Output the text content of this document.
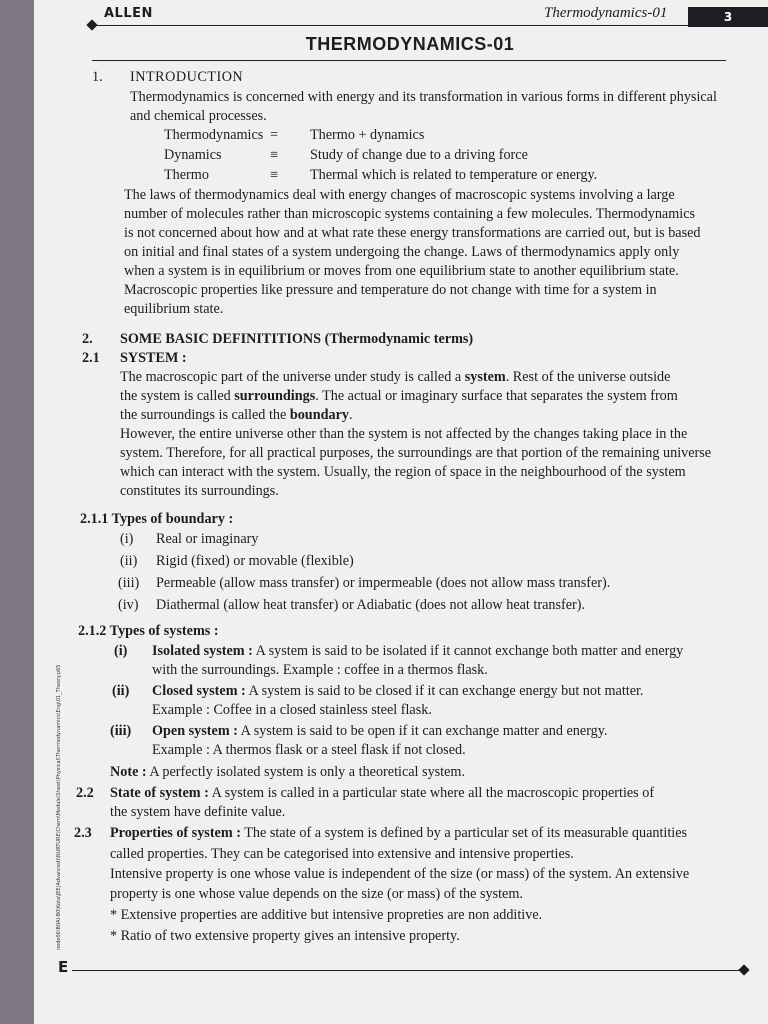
ALLEN	Thermodynamics-01	3
THERMODYNAMICS-01
1. INTRODUCTION
Thermodynamics is concerned with energy and its transformation in various forms in different physical
and chemical processes.
Thermodynamics = Thermo + dynamics
Dynamics	≡ Study of change due to a driving force
Thermo	≡ Thermal which is related to temperature or energy.
The laws of thermodynamics deal with energy changes of macroscopic systems involving a large
number of molecules rather than microscopic systems containing a few molecules. Thermodynamics
is not concerned about how and at what rate these energy transformations are carried out, but is based
on initial and final states of a system undergoing the change. Laws of thermodynamics apply only
when a system is in equilibrium or moves from one equilibrium state to another equilibrium state.
Macroscopic properties like pressure and temperature do not change with time for a system in
equilibrium state.
2. SOME BASIC DEFINITITIONS (Thermodynamic terms)
2.1 SYSTEM :
The macroscopic part of the universe under study is called a system. Rest of the universe outside
the system is called surroundings. The actual or imaginary surface that separates the system from
the surroundings is called the boundary.
However, the entire universe other than the system is not affected by the changes taking place in the
system. Therefore, for all practical purposes, the surroundings are that portion of the remaining universe
which can interact with the system. Usually, the region of space in the neighbourhood of the system
constitutes its surroundings.
2.1.1 Types of boundary :
(i) Real or imaginary
(ii) Rigid (fixed) or movable (flexible)
(iii) Permeable (allow mass transfer) or impermeable (does not allow mass transfer).
(iv) Diathermal (allow heat transfer) or Adiabatic (does not allow heat transfer).
2.1.2 Types of systems :
(i) Isolated system : A system is said to be isolated if it cannot exchange both matter and energy
with the surroundings. Example : coffee in a thermos flask.
(ii) Closed system : A system is said to be closed if it can exchange energy but not matter.
Example : Coffee in a closed stainless steel flask.
(iii) Open system : A system is said to be open if it can exchange matter and energy.
Example : A thermos flask or a steel flask if not closed.
Note : A perfectly isolated system is only a theoretical system.
2.2 State of system : A system is called in a particular state where all the macroscopic properties of
the system have definite value.
2.3 Properties of system : The state of a system is defined by a particular set of its measurable quantities
called properties. They can be categorised into extensive and intensive properties.
Intensive property is one whose value is independent of the size (or mass) of the system. An extensive
property is one whose value depends on the size (or mass) of the system.
* Extensive properties are additive but intensive propreties are non additive.
* Ratio of two extensive property gives an intensive property.
node06\B0AI-B0\Kota\JEE(Advanced)\NURTURE\Chem\Module\Sheet\Physical\Thermodynamics\Eng\01_Theory.p65
E
